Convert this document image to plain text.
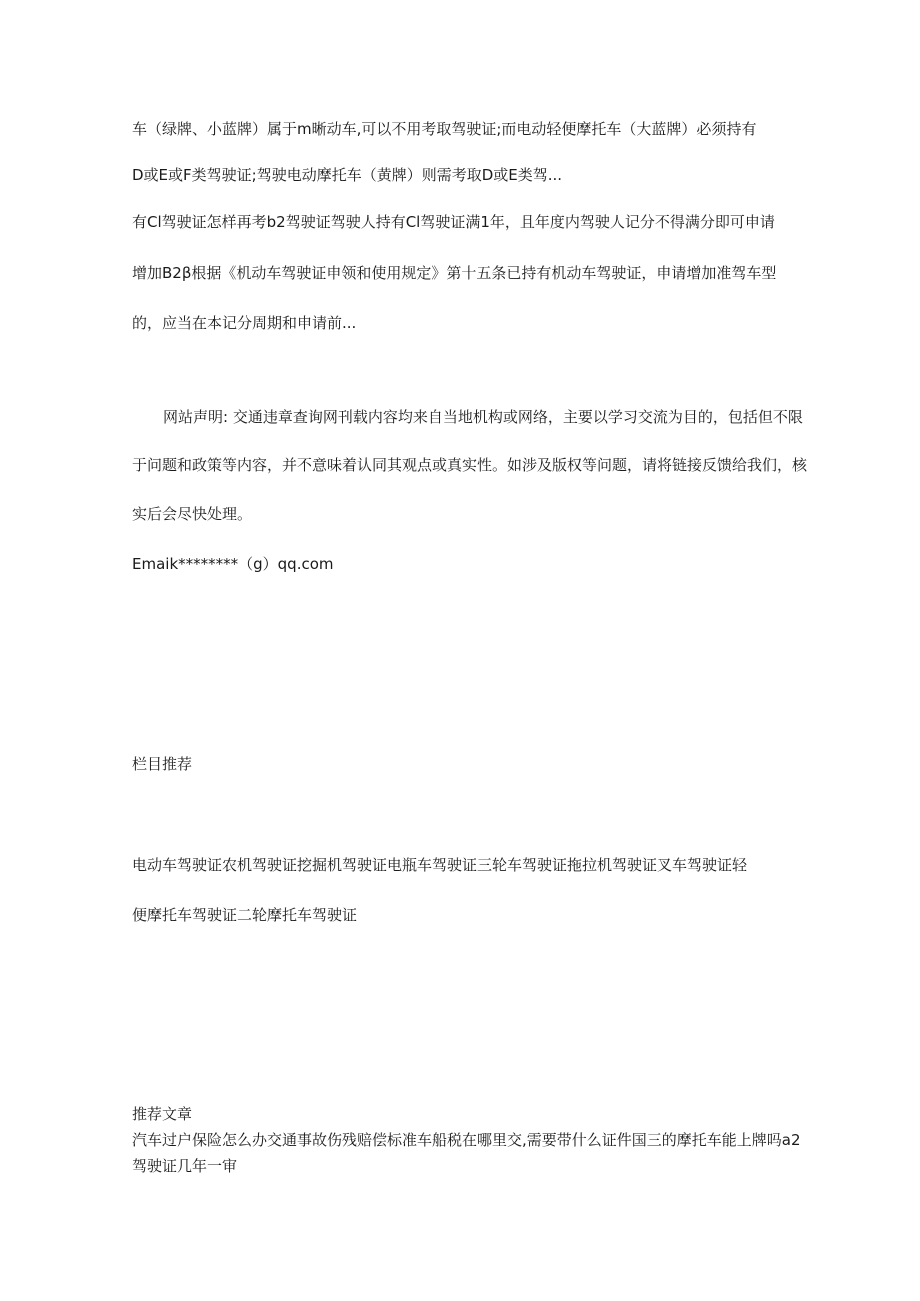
车（绿牌、小蓝牌）属于m晰动车,可以不用考取驾驶证;而电动轻便摩托车（大蓝牌）必须持有

D或E或F类驾驶证;驾驶电动摩托车（黄牌）则需考取D或E类驾...

有Cl驾驶证怎样再考b2驾驶证驾驶人持有Cl驾驶证满1年，且年度内驾驶人记分不得满分即可申请

增加B2β根据《机动车驾驶证申领和使用规定》第十五条已持有机动车驾驶证，申请增加准驾车型

的，应当在本记分周期和申请前...

网站声明: 交通违章查询网刊载内容均来自当地机构或网络，主要以学习交流为目的，包括但不限

于问题和政策等内容，并不意味着认同其观点或真实性。如涉及版权等问题，请将链接反馈给我们，核

实后会尽快处理。

Emaik********（g）qq.com

栏目推荐

电动车驾驶证农机驾驶证挖掘机驾驶证电瓶车驾驶证三轮车驾驶证拖拉机驾驶证叉车驾驶证轻

便摩托车驾驶证二轮摩托车驾驶证

推荐文章

汽车过户保险怎么办交通事故伤残赔偿标准车船税在哪里交,需要带什么证件国三的摩托车能上牌吗a2

驾驶证几年一审
